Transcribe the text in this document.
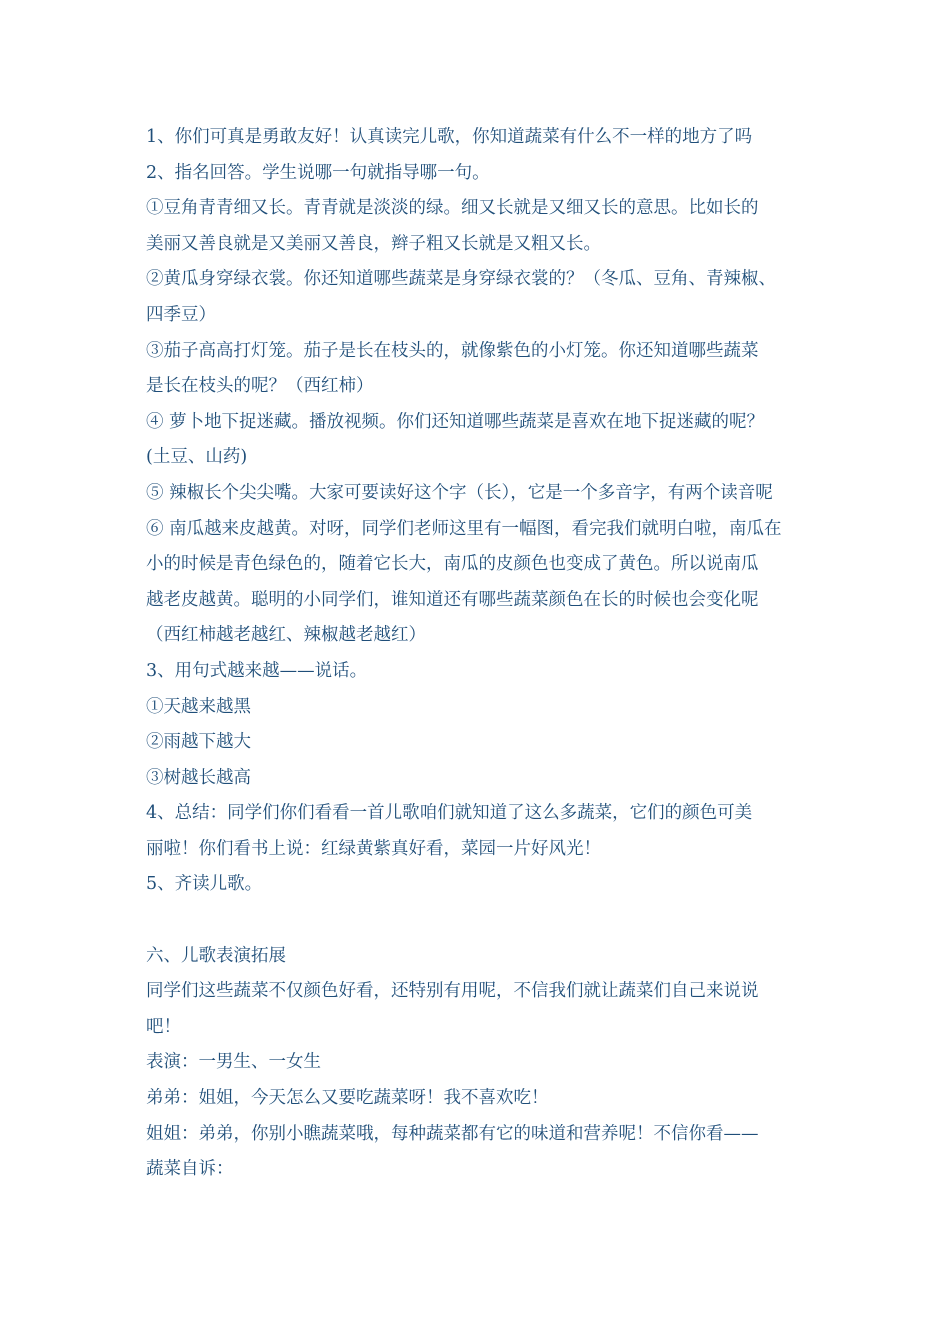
1、你们可真是勇敢友好！认真读完儿歌，你知道蔬菜有什么不一样的地方了吗
2、指名回答。学生说哪一句就指导哪一句。
①豆角青青细又长。青青就是淡淡的绿。细又长就是又细又长的意思。比如长的
美丽又善良就是又美丽又善良，辫子粗又长就是又粗又长。
②黄瓜身穿绿衣裳。你还知道哪些蔬菜是身穿绿衣裳的？（冬瓜、豆角、青辣椒、
四季豆）
③茄子高高打灯笼。茄子是长在枝头的，就像紫色的小灯笼。你还知道哪些蔬菜
是长在枝头的呢？（西红柿）
④ 萝卜地下捉迷藏。播放视频。你们还知道哪些蔬菜是喜欢在地下捉迷藏的呢？
(土豆、山药)
⑤ 辣椒长个尖尖嘴。大家可要读好这个字（长），它是一个多音字，有两个读音呢
⑥ 南瓜越来皮越黄。对呀，同学们老师这里有一幅图，看完我们就明白啦，南瓜在
小的时候是青色绿色的，随着它长大，南瓜的皮颜色也变成了黄色。所以说南瓜
越老皮越黄。聪明的小同学们，谁知道还有哪些蔬菜颜色在长的时候也会变化呢
（西红柿越老越红、辣椒越老越红）
3、用句式越来越——说话。
①天越来越黑
②雨越下越大
③树越长越高
4、总结：同学们你们看看一首儿歌咱们就知道了这么多蔬菜，它们的颜色可美
丽啦！你们看书上说：红绿黄紫真好看，菜园一片好风光！
5、齐读儿歌。
六、儿歌表演拓展
同学们这些蔬菜不仅颜色好看，还特别有用呢，不信我们就让蔬菜们自己来说说
吧！
表演：一男生、一女生
弟弟：姐姐，今天怎么又要吃蔬菜呀！我不喜欢吃！
姐姐：弟弟，你别小瞧蔬菜哦，每种蔬菜都有它的味道和营养呢！不信你看——
蔬菜自诉：
